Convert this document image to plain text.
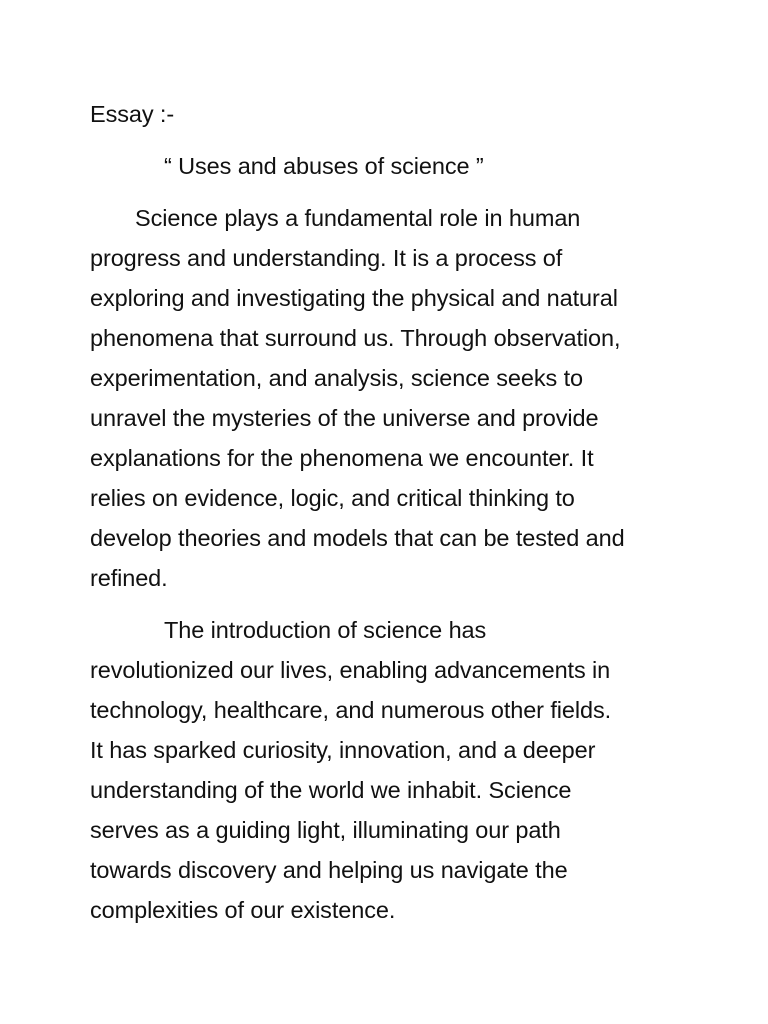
Essay :-
“ Uses and abuses of science ”
Science plays a fundamental role in human
progress and understanding. It is a process of
exploring and investigating the physical and natural
phenomena that surround us. Through observation,
experimentation, and analysis, science seeks to
unravel the mysteries of the universe and provide
explanations for the phenomena we encounter. It
relies on evidence, logic, and critical thinking to
develop theories and models that can be tested and
refined.
The introduction of science has
revolutionized our lives, enabling advancements in
technology, healthcare, and numerous other fields.
It has sparked curiosity, innovation, and a deeper
understanding of the world we inhabit. Science
serves as a guiding light, illuminating our path
towards discovery and helping us navigate the
complexities of our existence.
